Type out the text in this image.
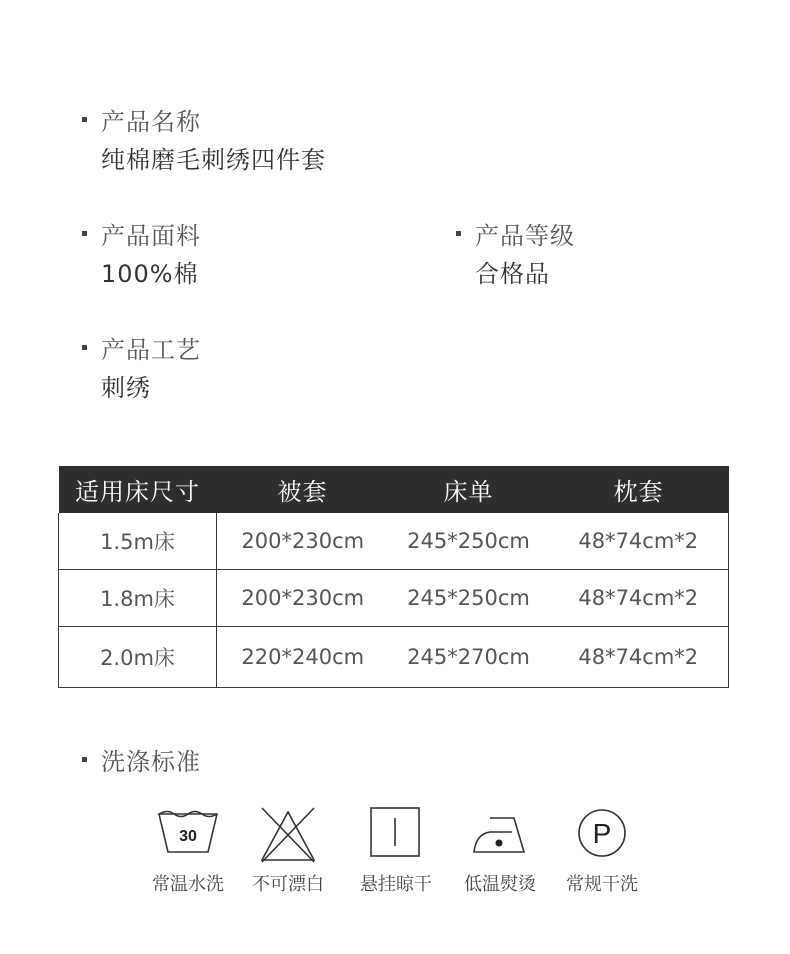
产品名称
纯棉磨毛刺绣四件套
产品面料
100%棉
产品等级
合格品
产品工艺
刺绣
适用床尺寸	被套	床单	枕套
1.5m床	200*230cm	245*250cm	48*74cm*2
1.8m床	200*230cm	245*250cm	48*74cm*2
2.0m床	220*240cm	245*270cm	48*74cm*2
洗涤标准
30
常温水洗	不可漂白	悬挂晾干	低温熨烫
P
常规干洗
